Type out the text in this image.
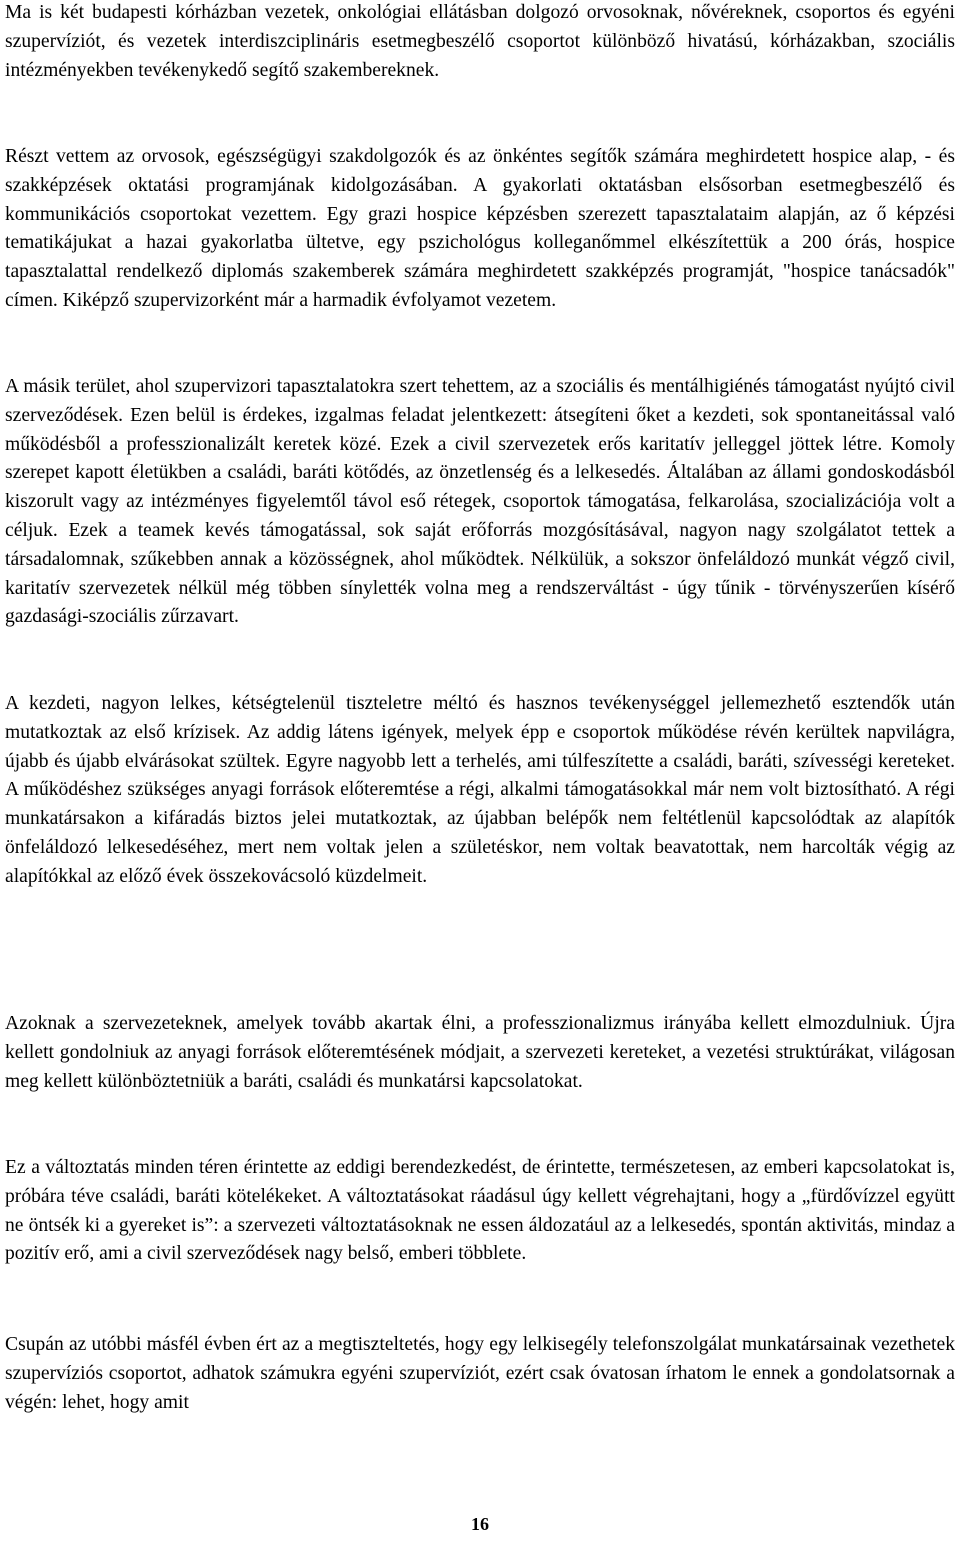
Ma is két budapesti kórházban vezetek, onkológiai ellátásban dolgozó orvosoknak, nővéreknek, csoportos és egyéni szupervíziót, és vezetek interdiszciplináris esetmegbeszélő csoportot különböző hivatású, kórházakban, szociális intézményekben tevékenykedő segítő szakembereknek.

Részt vettem az orvosok, egészségügyi szakdolgozók és az önkéntes segítők számára meghirdetett hospice alap, - és szakképzések oktatási programjának kidolgozásában. A gyakorlati oktatásban elsősorban esetmegbeszélő és kommunikációs csoportokat vezettem. Egy grazi hospice képzésben szerezett tapasztalataim alapján, az ő képzési tematikájukat a hazai gyakorlatba ültetve, egy pszichológus kolleganőmmel elkészítettük a 200 órás, hospice tapasztalattal rendelkező diplomás szakemberek számára meghirdetett szakképzés programját, "hospice tanácsadók" címen. Kiképző szupervizorként már a harmadik évfolyamot vezetem.

A másik terület, ahol szupervizori tapasztalatokra szert tehettem, az a szociális és mentálhigiénés támogatást nyújtó civil szerveződések. Ezen belül is érdekes, izgalmas feladat jelentkezett: átsegíteni őket a kezdeti, sok spontaneitással való működésből a professzionalizált keretek közé. Ezek a civil szervezetek erős karitatív jelleggel jöttek létre. Komoly szerepet kapott életükben a családi, baráti kötődés, az önzetlenség és a lelkesedés. Általában az állami gondoskodásból kiszorult vagy az intézményes figyelemtől távol eső rétegek, csoportok támogatása, felkarolása, szocializációja volt a céljuk. Ezek a teamek kevés támogatással, sok saját erőforrás mozgósításával, nagyon nagy szolgálatot tettek a társadalomnak, szűkebben annak a közösségnek, ahol működtek. Nélkülük, a sokszor önfeláldozó munkát végző civil, karitatív szervezetek nélkül még többen sínylették volna meg a rendszerváltást - úgy tűnik - törvényszerűen kísérő gazdasági-szociális zűrzavart.

A kezdeti, nagyon lelkes, kétségtelenül tiszteletre méltó és hasznos tevékenységgel jellemezhető esztendők után mutatkoztak az első krízisek. Az addig látens igények, melyek épp e csoportok működése révén kerültek napvilágra, újabb és újabb elvárásokat szültek. Egyre nagyobb lett a terhelés, ami túlfeszítette a családi, baráti, szívességi kereteket. A működéshez szükséges anyagi források előteremtése a régi, alkalmi támogatásokkal már nem volt biztosítható. A régi munkatársakon a kifáradás biztos jelei mutatkoztak, az újabban belépők nem feltétlenül kapcsolódtak az alapítók önfeláldozó lelkesedéséhez, mert nem voltak jelen a születéskor, nem voltak beavatottak, nem harcolták végig az alapítókkal az előző évek összekovácsoló küzdelmeit.

Azoknak a szervezeteknek, amelyek tovább akartak élni, a professzionalizmus irányába kellett elmozdulniuk. Újra kellett gondolniuk az anyagi források előteremtésének módjait, a szervezeti kereteket, a vezetési struktúrákat, világosan meg kellett különböztetniük a baráti, családi és munkatársi kapcsolatokat.

Ez a változtatás minden téren érintette az eddigi berendezkedést, de érintette, természetesen, az emberi kapcsolatokat is, próbára téve családi, baráti kötelékeket. A változtatásokat ráadásul úgy kellett végrehajtani, hogy a „fürdővízzel együtt ne öntsék ki a gyereket is”: a szervezeti változtatásoknak ne essen áldozatául az a lelkesedés, spontán aktivitás, mindaz a pozitív erő, ami a civil szerveződések nagy belső, emberi többlete.

Csupán az utóbbi másfél évben ért az a megtiszteltetés, hogy egy lelkisegély telefonszolgálat munkatársainak vezethetek szupervíziós csoportot, adhatok számukra egyéni szupervíziót, ezért csak óvatosan írhatom le ennek a gondolatsornak a végén: lehet, hogy amit

16
